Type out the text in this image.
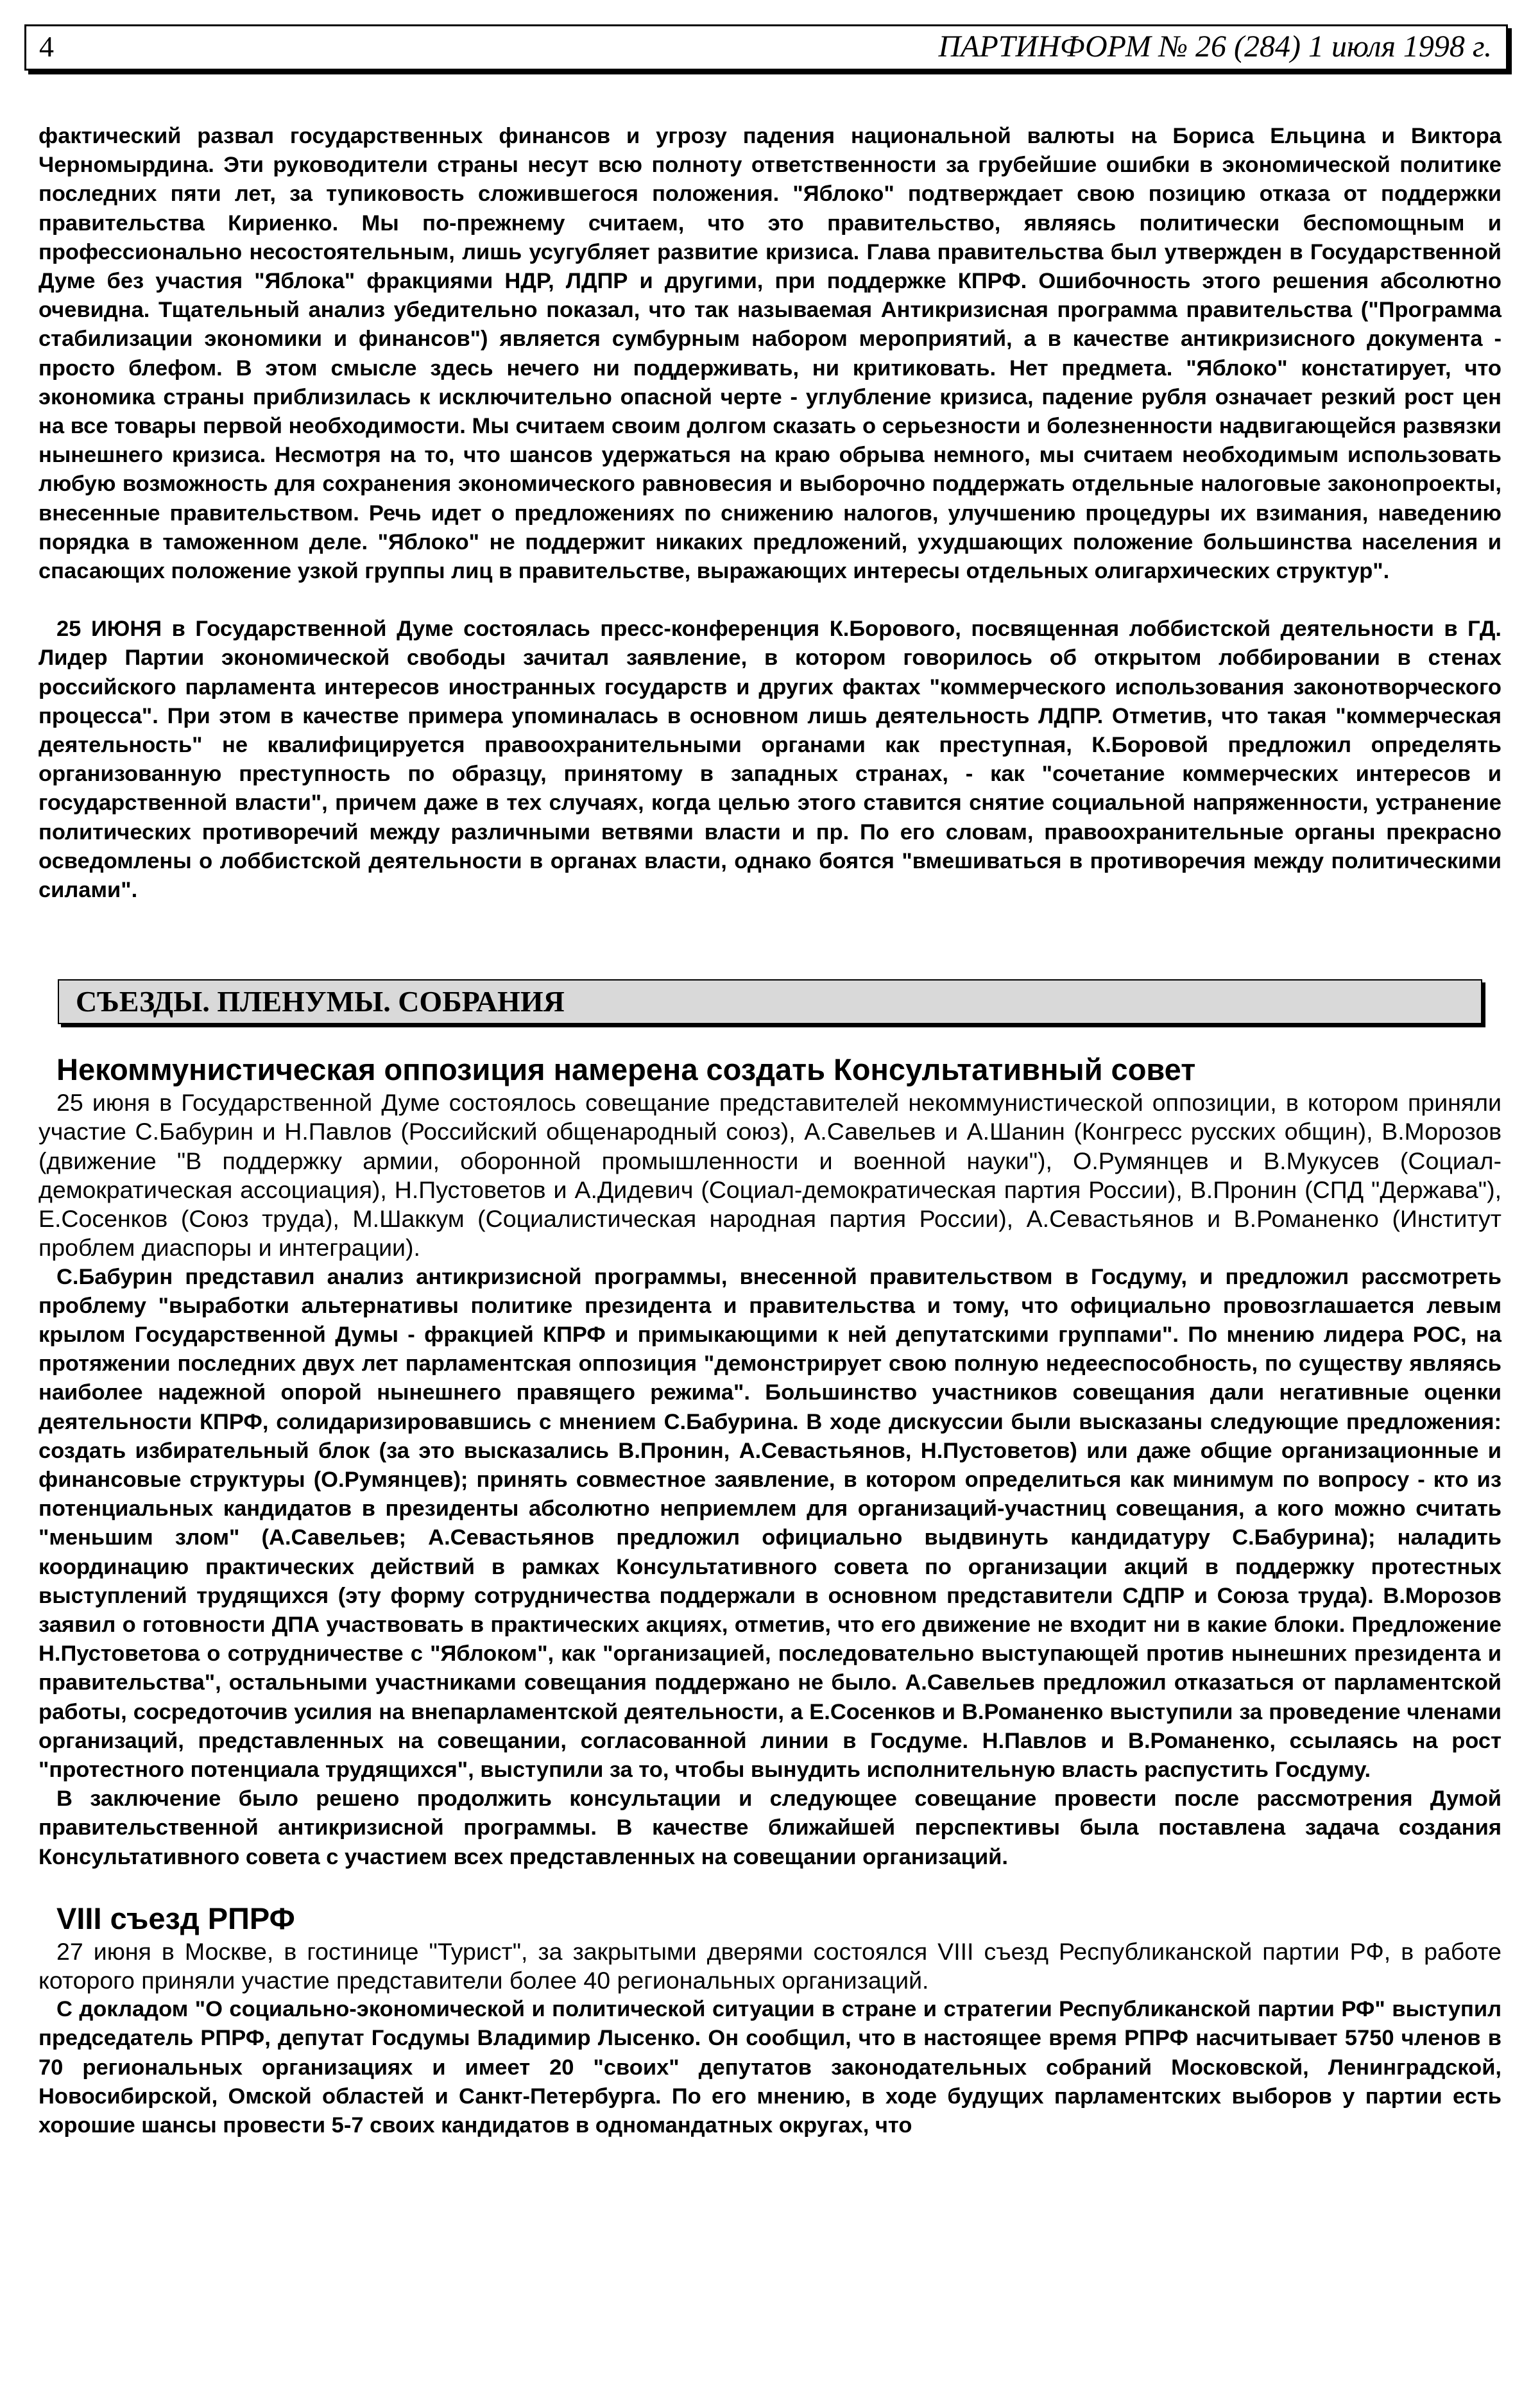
4	ПАРТИНФОРМ № 26 (284) 1 июля 1998 г.

фактический развал государственных финансов и угрозу падения национальной валюты на Бориса Ельцина и Виктора Черномырдина. Эти руководители страны несут всю полноту ответственности за грубейшие ошибки в экономической политике последних пяти лет, за тупиковость сложившегося положения. "Яблоко" подтверждает свою позицию отказа от поддержки правительства Кириенко. Мы по-прежнему считаем, что это правительство, являясь политически беспомощным и профессионально несостоятельным, лишь усугубляет развитие кризиса. Глава правительства был утвержден в Государственной Думе без участия "Яблока" фракциями НДР, ЛДПР и другими, при поддержке КПРФ. Ошибочность этого решения абсолютно очевидна. Тщательный анализ убедительно показал, что так называемая Антикризисная программа правительства ("Программа стабилизации экономики и финансов") является сумбурным набором мероприятий, а в качестве антикризисного документа - просто блефом. В этом смысле здесь нечего ни поддерживать, ни критиковать. Нет предмета. "Яблоко" констатирует, что экономика страны приблизилась к исключительно опасной черте - углубление кризиса, падение рубля означает резкий рост цен на все товары первой необходимости. Мы считаем своим долгом сказать о серьезности и болезненности надвигающейся развязки нынешнего кризиса. Несмотря на то, что шансов удержаться на краю обрыва немного, мы считаем необходимым использовать любую возможность для сохранения экономического равновесия и выборочно поддержать отдельные налоговые законопроекты, внесенные правительством. Речь идет о предложениях по снижению налогов, улучшению процедуры их взимания, наведению порядка в таможенном деле. "Яблоко" не поддержит никаких предложений, ухудшающих положение большинства населения и спасающих положение узкой группы лиц в правительстве, выражающих интересы отдельных олигархических структур".

25 ИЮНЯ в Государственной Думе состоялась пресс-конференция К.Борового, посвященная лоббистской деятельности в ГД. Лидер Партии экономической свободы зачитал заявление, в котором говорилось об открытом лоббировании в стенах российского парламента интересов иностранных государств и других фактах "коммерческого использования законотворческого процесса". При этом в качестве примера упоминалась в основном лишь деятельность ЛДПР. Отметив, что такая "коммерческая деятельность" не квалифицируется правоохранительными органами как преступная, К.Боровой предложил определять организованную преступность по образцу, принятому в западных странах, - как "сочетание коммерческих интересов и государственной власти", причем даже в тех случаях, когда целью этого ставится снятие социальной напряженности, устранение политических противоречий между различными ветвями власти и пр. По его словам, правоохранительные органы прекрасно осведомлены о лоббистской деятельности в органах власти, однако боятся "вмешиваться в противоречия между политическими силами".

СЪЕЗДЫ. ПЛЕНУМЫ. СОБРАНИЯ
Некоммунистическая оппозиция намерена создать Консультативный совет

25 июня в Государственной Думе состоялось совещание представителей некоммунистической оппозиции, в котором приняли участие С.Бабурин и Н.Павлов (Российский общенародный союз), А.Савельев и А.Шанин (Конгресс русских общин), В.Морозов (движение "В поддержку армии, оборонной промышленности и военной науки"), О.Румянцев и В.Мукусев (Социал-демократическая ассоциация), Н.Пустоветов и А.Дидевич (Социал-демократическая партия России), В.Пронин (СПД "Держава"), Е.Сосенков (Союз труда), М.Шаккум (Социалистическая народная партия России), А.Севастьянов и В.Романенко (Институт проблем диаспоры и интеграции).

С.Бабурин представил анализ антикризисной программы, внесенной правительством в Госдуму, и предложил рассмотреть проблему "выработки альтернативы политике президента и правительства и тому, что официально провозглашается левым крылом Государственной Думы - фракцией КПРФ и примыкающими к ней депутатскими группами". По мнению лидера РОС, на протяжении последних двух лет парламентская оппозиция "демонстрирует свою полную недееспособность, по существу являясь наиболее надежной опорой нынешнего правящего режима". Большинство участников совещания дали негативные оценки деятельности КПРФ, солидаризировавшись с мнением С.Бабурина. В ходе дискуссии были высказаны следующие предложения: создать избирательный блок (за это высказались В.Пронин, А.Севастьянов, Н.Пустоветов) или даже общие организационные и финансовые структуры (О.Румянцев); принять совместное заявление, в котором определиться как минимум по вопросу - кто из потенциальных кандидатов в президенты абсолютно неприемлем для организаций-участниц совещания, а кого можно считать "меньшим злом" (А.Савельев; А.Севастьянов предложил официально выдвинуть кандидатуру С.Бабурина); наладить координацию практических действий в рамках Консультативного совета по организации акций в поддержку протестных выступлений трудящихся (эту форму сотрудничества поддержали в основном представители СДПР и Союза труда). В.Морозов заявил о готовности ДПА участвовать в практических акциях, отметив, что его движение не входит ни в какие блоки. Предложение Н.Пустоветова о сотрудничестве с "Яблоком", как "организацией, последовательно выступающей против нынешних президента и правительства", остальными участниками совещания поддержано не было. А.Савельев предложил отказаться от парламентской работы, сосредоточив усилия на внепарламентской деятельности, а Е.Сосенков и В.Романенко выступили за проведение членами организаций, представленных на совещании, согласованной линии в Госдуме. Н.Павлов и В.Романенко, ссылаясь на рост "протестного потенциала трудящихся", выступили за то, чтобы вынудить исполнительную власть распустить Госдуму.

В заключение было решено продолжить консультации и следующее совещание провести после рассмотрения Думой правительственной антикризисной программы. В качестве ближайшей перспективы была поставлена задача создания Консультативного совета с участием всех представленных на совещании организаций.

VIII съезд РПРФ

27 июня в Москве, в гостинице "Турист", за закрытыми дверями состоялся VIII съезд Республиканской партии РФ, в работе которого приняли участие представители более 40 региональных организаций.

С докладом "О социально-экономической и политической ситуации в стране и стратегии Республиканской партии РФ" выступил председатель РПРФ, депутат Госдумы Владимир Лысенко. Он сообщил, что в настоящее время РПРФ насчитывает 5750 членов в 70 региональных организациях и имеет 20 "своих" депутатов законодательных собраний Московской, Ленинградской, Новосибирской, Омской областей и Санкт-Петербурга. По его мнению, в ходе будущих парламентских выборов у партии есть хорошие шансы провести 5-7 своих кандидатов в одномандатных округах, что
